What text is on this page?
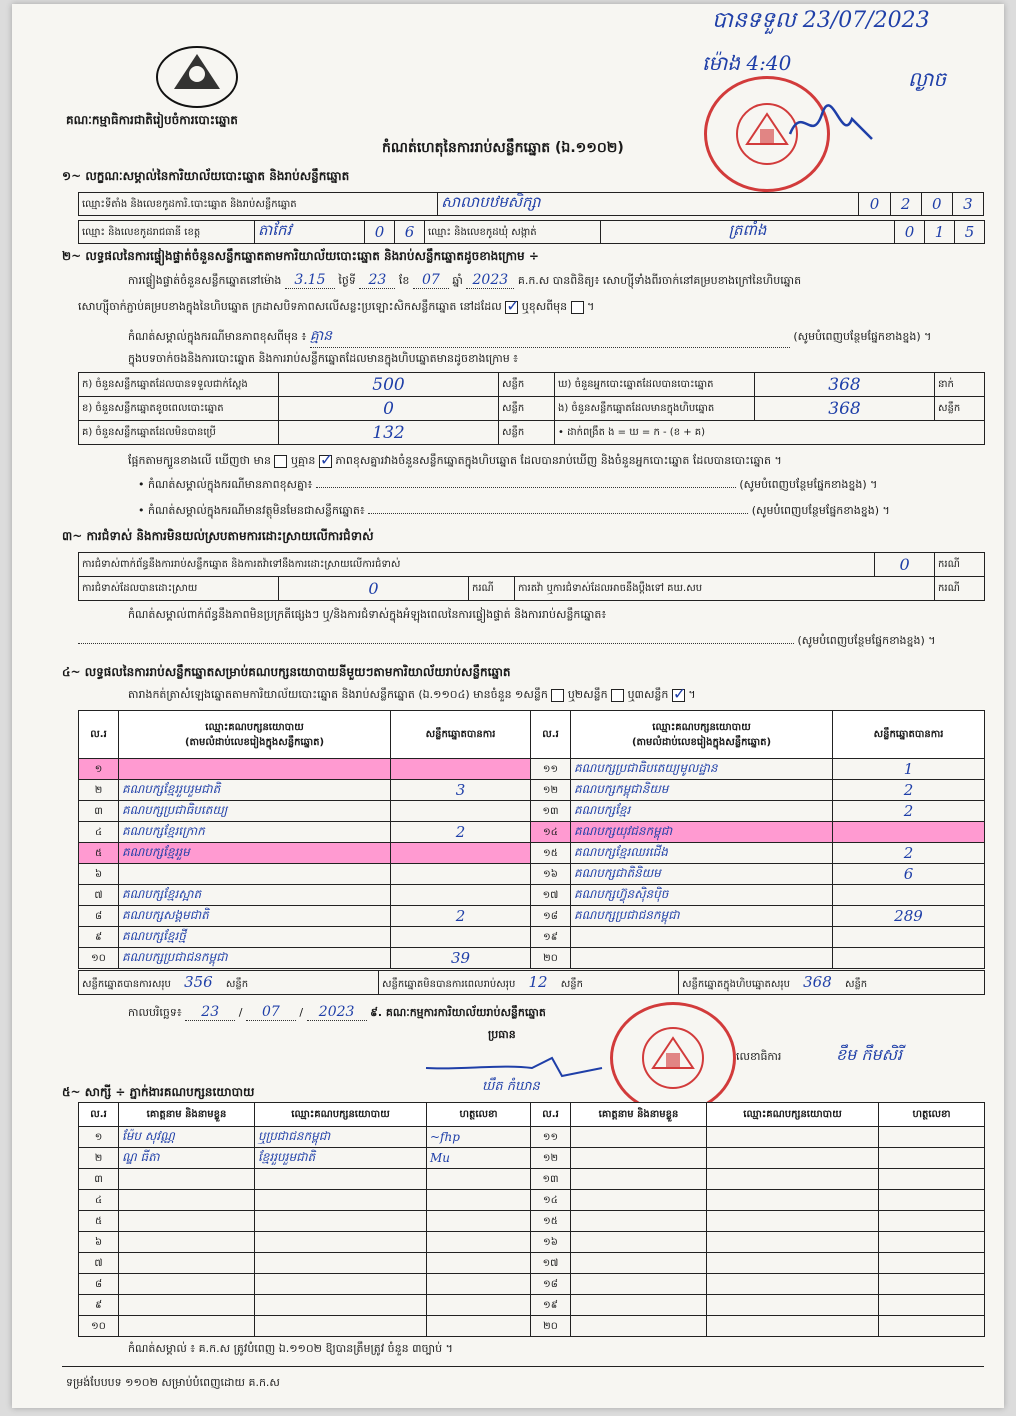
បានទទួល 23/07/2023
ម៉ោង 4:40
ល្ងាច
គណៈកម្មាធិការជាតិរៀបចំការបោះឆ្នោត
កំណត់ហេតុនៃការរាប់សន្លឹកឆ្នោត (ឯ.១១០២)
១~ លក្ខណៈសម្គាល់នៃការិយាល័យបោះឆ្នោត និងរាប់សន្លឹកឆ្នោត
ឈ្មោះទីតាំង និងលេខកូដការិ.បោះឆ្នោត និងរាប់សន្លឹកឆ្នោត	សាលាបឋមសិក្សា	0	2	0	3
ឈ្មោះ និងលេខកូដរាជធានី ខេត្ត	តាកែវ	0	6	ឈ្មោះ និងលេខកូដឃុំ សង្កាត់	ត្រពាំង	0	1	5
២~ លទ្ធផលនៃការផ្ទៀងផ្ទាត់ចំនួនសន្លឹកឆ្នោតតាមការិយាល័យបោះឆ្នោត និងរាប់សន្លឹកឆ្នោតដូចខាងក្រោម ÷
ការផ្ទៀងផ្ទាត់ចំនួនសន្លឹកឆ្នោតនៅម៉ោង 3.15 ថ្ងៃទី 23 ខែ 07 ឆ្នាំ 2023 គ.ក.ស បានពិនិត្យ៖ សោហ្ស៊ីទាំងពីរចាក់នៅគម្របខាងក្រៅនៃហិបឆ្នោត
សោហ្ស៊ីចាក់ភ្ជាប់គម្របខាងក្នុងនៃហិបឆ្នោត ក្រដាសបិទភាពសលើសន្លះប្រឡោះសិកសន្លឹកឆ្នោត នៅដដែល ✓ ឬខុសពីមុន  ។
កំណត់សម្គាល់ក្នុងករណីមានភាពខុសពីមុន ៖ គ្មាន	(សូមបំពេញបន្ថែមផ្នែកខាងខ្នង) ។
ក្នុងបទចាក់ចងនិងការបោះឆ្នោត និងការរាប់សន្លឹកឆ្នោតដែលមានក្នុងហិបឆ្នោតមានដូចខាងក្រោម ៖
ក) ចំនួនសន្លឹកឆ្នោតដែលបានទទួលជាក់ស្តែង	500	សន្លឹក	ឃ) ចំនួនអ្នកបោះឆ្នោតដែលបានបោះឆ្នោត	368	នាក់
ខ) ចំនួនសន្លឹកឆ្នោតខូចពេលបោះឆ្នោត	0	សន្លឹក	ង) ចំនួនសន្លឹកឆ្នោតដែលមានក្នុងហិបឆ្នោត	368	សន្លឹក
គ) ចំនួនសន្លឹកឆ្នោតដែលមិនបានប្រើ	132	សន្លឹក	• ដាក់ពង្រឹត ង = ឃ = ក - (ខ + គ)		
ផ្អែកតាមក្បួនខាងលើ ឃើញថា មាន ឬគ្មាន ✓ ភាពខុសគ្នារវាងចំនួនសន្លឹកឆ្នោតក្នុងហិបឆ្នោត ដែលបានរាប់ឃើញ និងចំនួនអ្នកបោះឆ្នោត ដែលបានបោះឆ្នោត ។
• កំណត់សម្គាល់ក្នុងករណីមានភាពខុសគ្នា៖	(សូមបំពេញបន្ថែមផ្នែកខាងខ្នង) ។
• កំណត់សម្គាល់ក្នុងករណីមានវត្ថុមិនមែនជាសន្លឹកឆ្នោត៖	(សូមបំពេញបន្ថែមផ្នែកខាងខ្នង) ។
៣~ ការជំទាស់ និងការមិនយល់ស្របតាមការដោះស្រាយលើការជំទាស់
ការជំទាស់ពាក់ព័ន្ធនឹងការរាប់សន្លឹកឆ្នោត និងការតវ៉ាទៅនឹងការដោះស្រាយលើការជំទាស់				0	ករណី
ការជំទាស់ដែលបានដោះស្រាយ	0	ករណី	ការតវ៉ា ឬការជំទាស់ដែលអាចនឹងប្តឹងទៅ គឃ.សប		ករណី
កំណត់សម្គាល់ពាក់ព័ន្ធនឹងភាពមិនប្រក្រតីផ្សេងៗ ឬ/និងការជំទាស់ក្នុងអំឡុងពេលនៃការផ្ទៀងផ្ទាត់ និងការរាប់សន្លឹកឆ្នោត៖
(សូមបំពេញបន្ថែមផ្នែកខាងខ្នង) ។
៤~ លទ្ធផលនៃការរាប់សន្លឹកឆ្នោតសម្រាប់គណបក្សនយោបាយនីមួយៗតាមការិយាល័យរាប់សន្លឹកឆ្នោត
តារាងកត់ត្រាសំឡេងឆ្នោតតាមការិយាល័យបោះឆ្នោត និងរាប់សន្លឹកឆ្នោត (ឯ.១១០៤) មានចំនួន ១សន្លឹក ឬ២សន្លឹក ឬ៣សន្លឹក ✓ ។
ល.រ	ឈ្មោះគណបក្សនយោបាយ
(តាមលំដាប់លេខរៀងក្នុងសន្លឹកឆ្នោត)	សន្លឹកឆ្នោតបានការ	ល.រ	ឈ្មោះគណបក្សនយោបាយ
(តាមលំដាប់លេខរៀងក្នុងសន្លឹកឆ្នោត)	សន្លឹកឆ្នោតបានការ
១			១១	គណបក្សប្រជាធិបតេយ្យមូលដ្ឋាន	1
២	គណបក្សខ្មែររួបរួមជាតិ	3	១២	គណបក្សកម្ពុជានិយម	2
៣	គណបក្សប្រជាធិបតេយ្យ		១៣	គណបក្សខ្មែរ	2
៤	គណបក្សខ្មែរក្រោក	2	១៤	គណបក្សយុវជនកម្ពុជា	
៥	គណបក្សខ្មែររួម		១៥	គណបក្សខ្មែរឈរជើង	2
៦			១៦	គណបក្សជាតិនិយម	6
៧	គណបក្សខ្មែរស្អាត		១៧	គណបក្សហ៊្វុនស៊ិនប៉ិច	
៨	គណបក្សសង្គមជាតិ	2	១៨	គណបក្សប្រជាជនកម្ពុជា	289
៩	គណបក្សខ្មែរថ្មី		១៩		
១០	គណបក្សប្រជាជនកម្ពុជា	39	២០		
សន្លឹកឆ្នោតបានការសរុប 356 សន្លឹក	សន្លឹកឆ្នោតមិនបានការពេលរាប់សរុប 12 សន្លឹក	សន្លឹកឆ្នោតក្នុងហិបឆ្នោតសរុប 368 សន្លឹក
កាលបរិច្ឆេទ៖ 23 / 07 / 2023 ៩. គណៈកម្មការការិយាល័យរាប់សន្លឹកឆ្នោត
ប្រធាន
ឃឹត កំឃាន
លេខាធិការ	ខឹម កឹមសិរី
៥~ សាក្សី ÷ ភ្នាក់ងារគណបក្សនយោបាយ
ល.រ	គោត្តនាម និងនាមខ្លួន	ឈ្មោះគណបក្សនយោបាយ	ហត្ថលេខា	ល.រ	គោត្តនាម និងនាមខ្លួន	ឈ្មោះគណបក្សនយោបាយ	ហត្ថលេខា
១	ម៉ែប សុវណ្ណ	ឬប្រជាជនកម្ពុជា	~fhp	១១			
២	ណ្ឌ ធីតា	ខ្មែររួបរួមជាតិ	Mu	១២			
៣				១៣			
៤				១៤			
៥				១៥			
៦				១៦			
៧				១៧			
៨				១៨			
៩				១៩			
១០				២០			
កំណត់សម្គាល់ ៖ គ.ក.ស ត្រូវបំពេញ ឯ.១១០២ ឱ្យបានត្រឹមត្រូវ ចំនួន ៣ច្បាប់ ។
ទម្រង់បែបបទ ១១០២ សម្រាប់បំពេញដោយ គ.ក.ស
